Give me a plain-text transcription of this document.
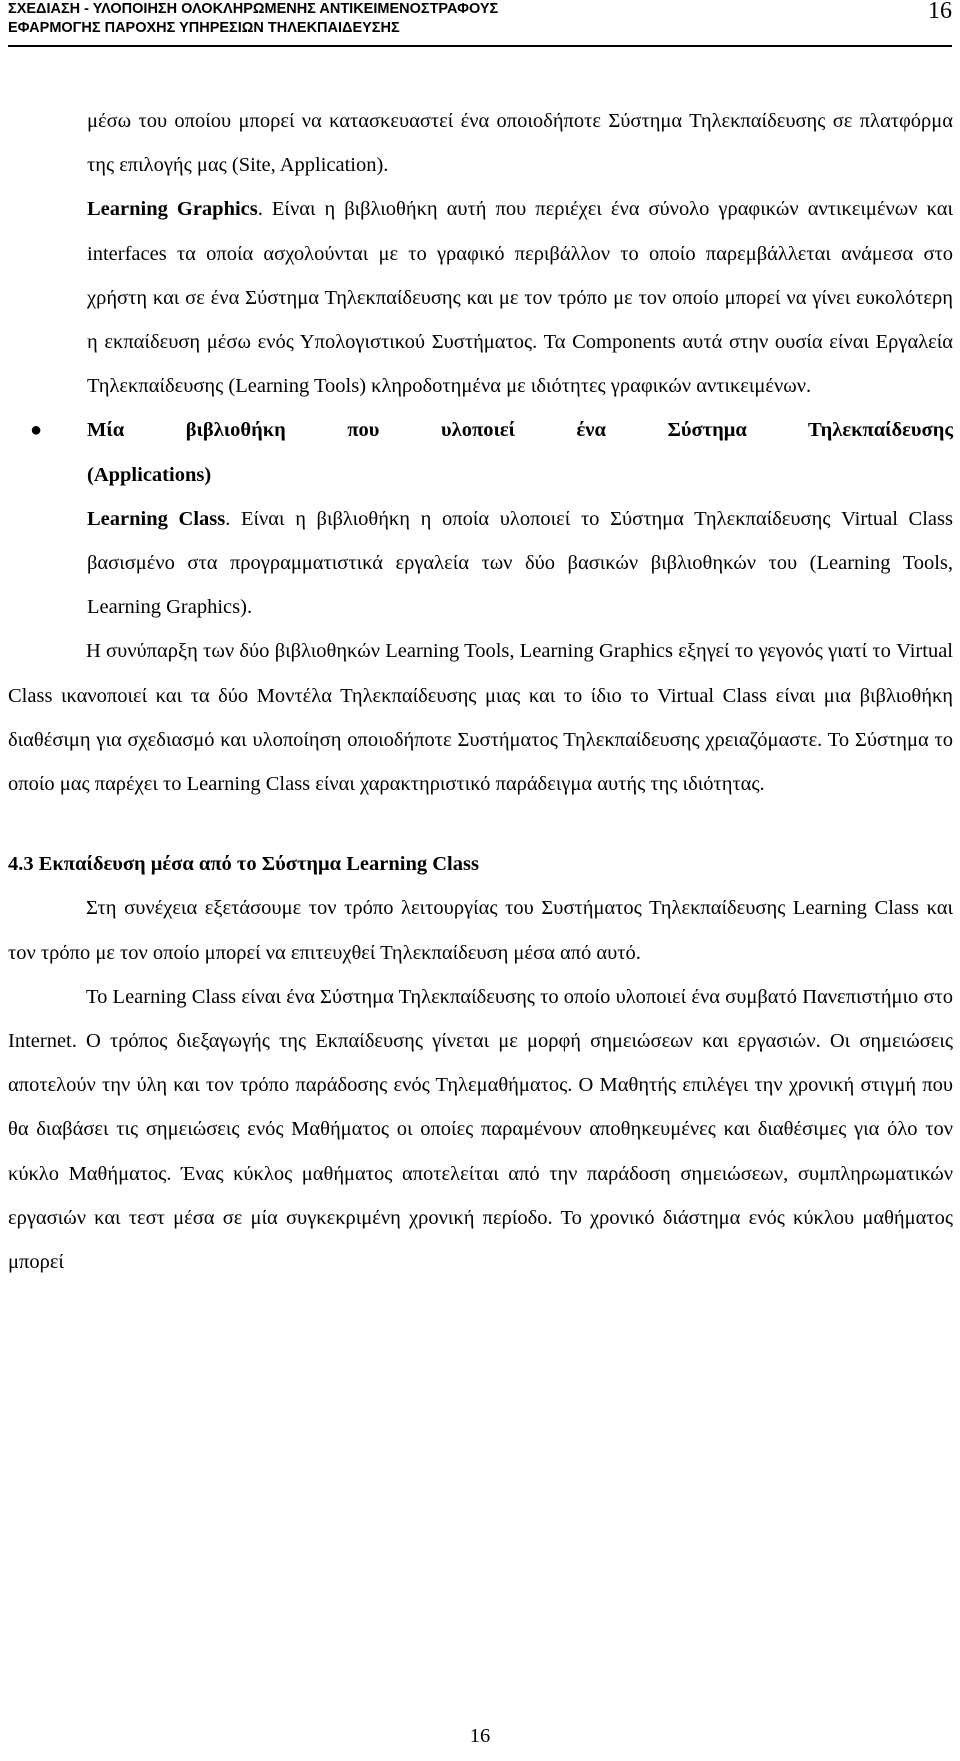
ΣΧΕΔΙΑΣΗ - ΥΛΟΠΟΙΗΣΗ ΟΛΟΚΛΗΡΩΜΕΝΗΣ ΑΝΤΙΚΕΙΜΕΝΟΣΤΡΑΦΟΥΣ
ΕΦΑΡΜΟΓΗΣ ΠΑΡΟΧΗΣ ΥΠΗΡΕΣΙΩΝ ΤΗΛΕΚΠΑΙΔΕΥΣΗΣ
16

μέσω του οποίου μπορεί να κατασκευαστεί ένα οποιοδήποτε Σύστημα Τηλεκπαίδευσης σε πλατφόρμα της επιλογής μας (Site, Application).

Learning Graphics. Είναι η βιβλιοθήκη αυτή που περιέχει ένα σύνολο γραφικών αντικειμένων και interfaces τα οποία ασχολούνται με το γραφικό περιβάλλον το οποίο παρεμβάλλεται ανάμεσα στο χρήστη και σε ένα Σύστημα Τηλεκπαίδευσης και με τον τρόπο με τον οποίο μπορεί να γίνει ευκολότερη η εκπαίδευση μέσω ενός Υπολογιστικού Συστήματος. Τα Components αυτά στην ουσία είναι Εργαλεία Τηλεκπαίδευσης (Learning Tools) κληροδοτημένα με ιδιότητες γραφικών αντικειμένων.

● Μία βιβλιοθήκη που υλοποιεί ένα Σύστημα Τηλεκπαίδευσης

(Applications)

Learning Class. Είναι η βιβλιοθήκη η οποία υλοποιεί το Σύστημα Τηλεκπαίδευσης Virtual Class βασισμένο στα προγραμματιστικά εργαλεία των δύο βασικών βιβλιοθηκών του (Learning Tools, Learning Graphics).

Η συνύπαρξη των δύο βιβλιοθηκών Learning Tools, Learning Graphics εξηγεί το γεγονός γιατί το Virtual Class ικανοποιεί και τα δύο Μοντέλα Τηλεκπαίδευσης μιας και το ίδιο το Virtual Class είναι μια βιβλιοθήκη διαθέσιμη για σχεδιασμό και υλοποίηση οποιοδήποτε Συστήματος Τηλεκπαίδευσης χρειαζόμαστε. Το Σύστημα το οποίο μας παρέχει το Learning Class είναι χαρακτηριστικό παράδειγμα αυτής της ιδιότητας.

4.3 Εκπαίδευση μέσα από το Σύστημα Learning Class

Στη συνέχεια εξετάσουμε τον τρόπο λειτουργίας του Συστήματος Τηλεκπαίδευσης Learning Class και τον τρόπο με τον οποίο μπορεί να επιτευχθεί Τηλεκπαίδευση μέσα από αυτό.

Το Learning Class είναι ένα Σύστημα Τηλεκπαίδευσης το οποίο υλοποιεί ένα συμβατό Πανεπιστήμιο στο Internet. Ο τρόπος διεξαγωγής της Εκπαίδευσης γίνεται με μορφή σημειώσεων και εργασιών. Οι σημειώσεις αποτελούν την ύλη και τον τρόπο παράδοσης ενός Τηλεμαθήματος. Ο Μαθητής επιλέγει την χρονική στιγμή που θα διαβάσει τις σημειώσεις ενός Μαθήματος οι οποίες παραμένουν αποθηκευμένες και διαθέσιμες για όλο τον κύκλο Μαθήματος. Ένας κύκλος μαθήματος αποτελείται από την παράδοση σημειώσεων, συμπληρωματικών εργασιών και τεστ μέσα σε μία συγκεκριμένη χρονική περίοδο. Το χρονικό διάστημα ενός κύκλου μαθήματος μπορεί

16
